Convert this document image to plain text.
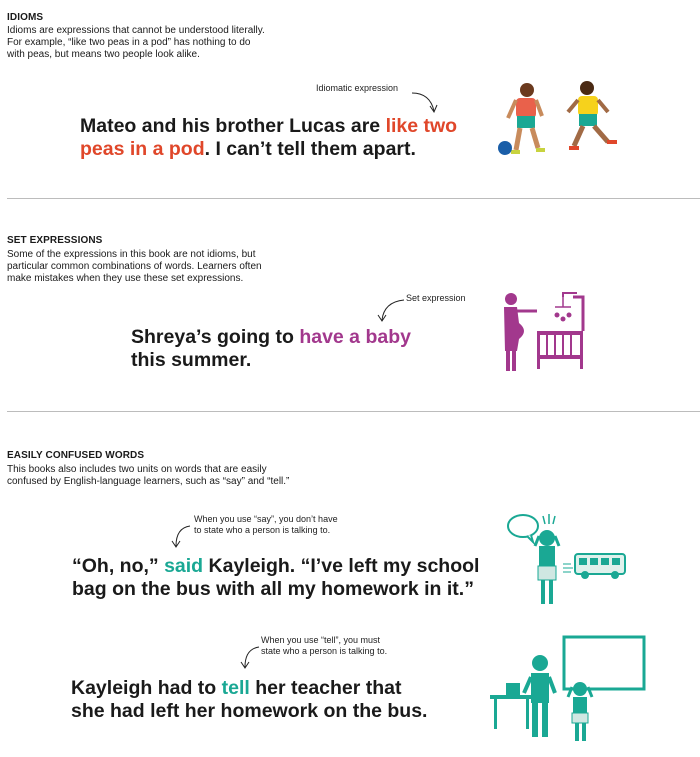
IDIOMS
Idioms are expressions that cannot be understood literally.
For example, “like two peas in a pod” has nothing to do
with peas, but means two people look alike.
Idiomatic expression
Mateo and his brother Lucas are like two
peas in a pod. I can’t tell them apart.
SET EXPRESSIONS
Some of the expressions in this book are not idioms, but
particular common combinations of words. Learners often
make mistakes when they use these set expressions.
Set expression
Shreya’s going to have a baby
this summer.
EASILY CONFUSED WORDS
This books also includes two units on words that are easily
confused by English-language learners, such as “say” and “tell.”
When you use “say”, you don’t have
to state who a person is talking to.
“Oh, no,” said Kayleigh. “I’ve left my school
bag on the bus with all my homework in it.”
When you use “tell”, you must
state who a person is talking to.
Kayleigh had to tell her teacher that
she had left her homework on the bus.
